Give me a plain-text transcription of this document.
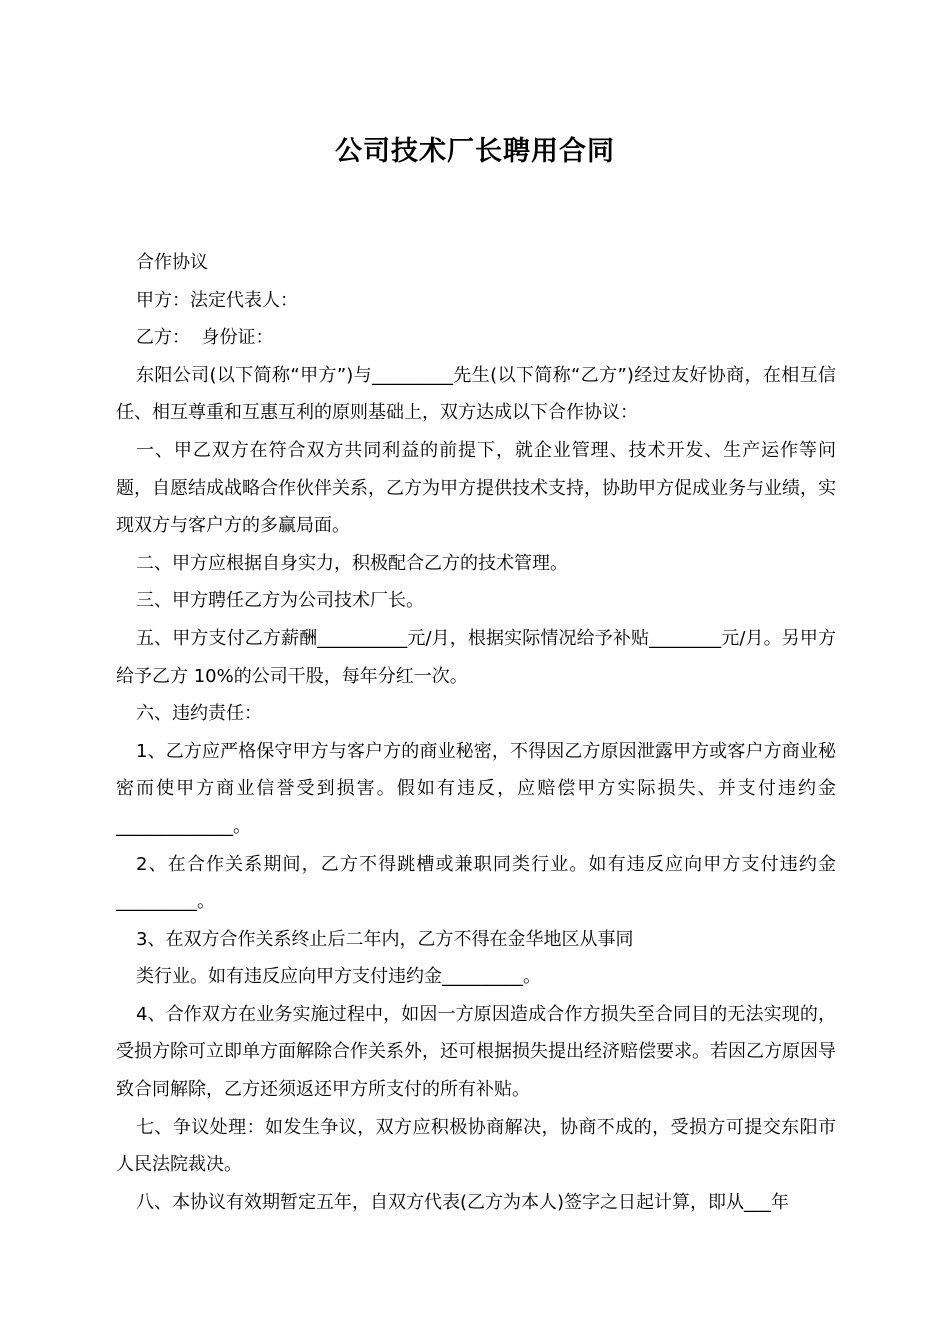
公司技术厂长聘用合同

合作协议

甲方：法定代表人：

乙方：  身份证：

东阳公司(以下简称“甲方”)与_________先生(以下简称“乙方”)经过友好协商，在相互信任、相互尊重和互惠互利的原则基础上，双方达成以下合作协议：

一、甲乙双方在符合双方共同利益的前提下，就企业管理、技术开发、生产运作等问题，自愿结成战略合作伙伴关系，乙方为甲方提供技术支持，协助甲方促成业务与业绩，实现双方与客户方的多赢局面。

二、甲方应根据自身实力，积极配合乙方的技术管理。

三、甲方聘任乙方为公司技术厂长。

五、甲方支付乙方薪酬__________元/月，根据实际情况给予补贴________元/月。另甲方给予乙方 10%的公司干股，每年分红一次。

六、违约责任：

1、乙方应严格保守甲方与客户方的商业秘密，不得因乙方原因泄露甲方或客户方商业秘密而使甲方商业信誉受到损害。假如有违反，应赔偿甲方实际损失、并支付违约金_____________。

2、在合作关系期间，乙方不得跳槽或兼职同类行业。如有违反应向甲方支付违约金_________。

3、在双方合作关系终止后二年内，乙方不得在金华地区从事同

类行业。如有违反应向甲方支付违约金_________。

4、合作双方在业务实施过程中，如因一方原因造成合作方损失至合同目的无法实现的，受损方除可立即单方面解除合作关系外，还可根据损失提出经济赔偿要求。若因乙方原因导致合同解除，乙方还须返还甲方所支付的所有补贴。

七、争议处理：如发生争议，双方应积极协商解决，协商不成的，受损方可提交东阳市人民法院裁决。

八、本协议有效期暂定五年，自双方代表(乙方为本人)签字之日起计算，即从___年
